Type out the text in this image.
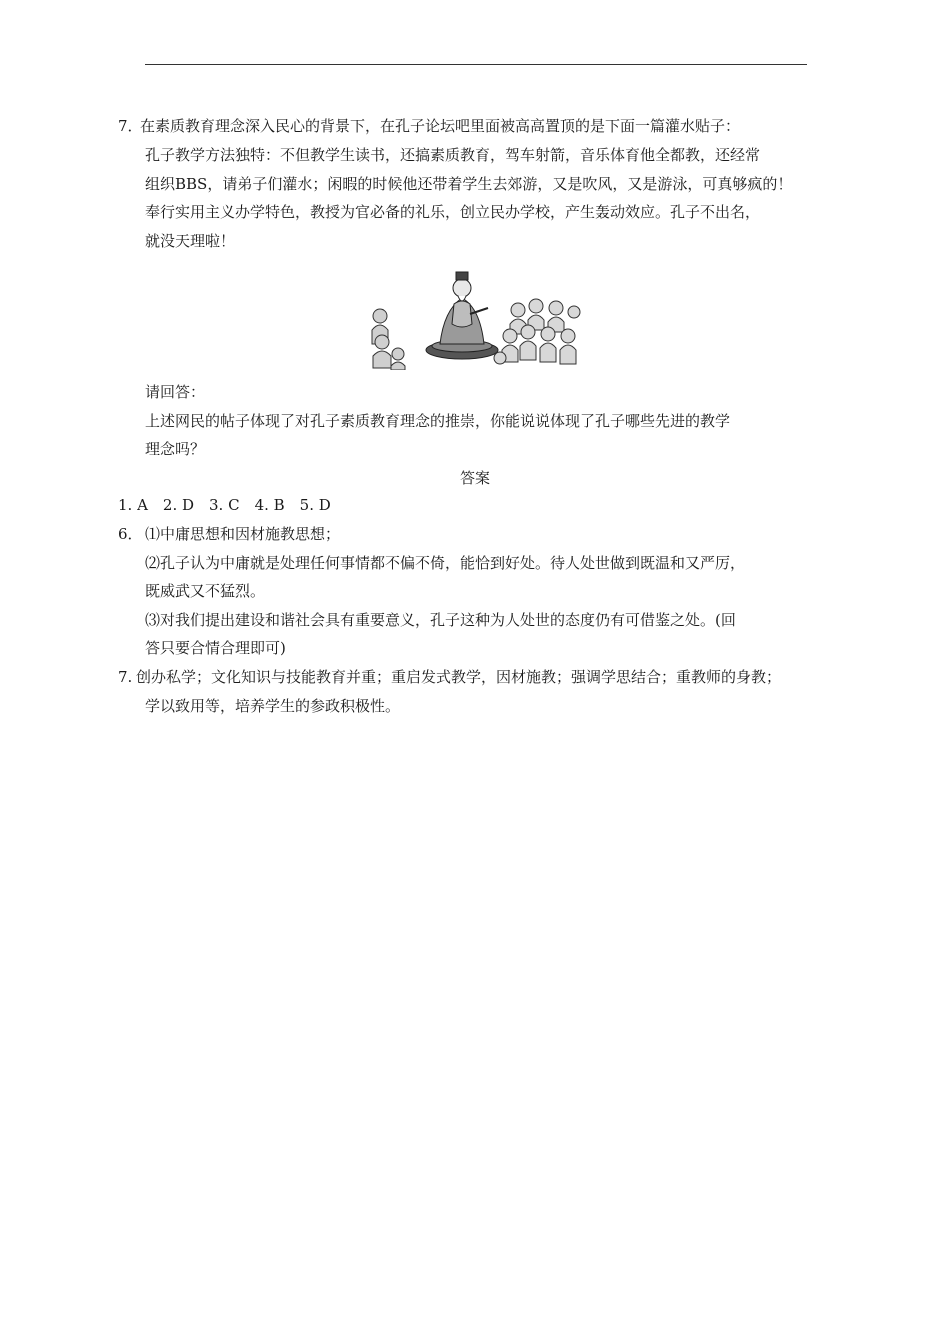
7．
在素质教育理念深入民心的背景下，在孔子论坛吧里面被高高置顶的是下面一篇灌水贴子：
孔子教学方法独特：不但教学生读书，还搞素质教育，驾车射箭，音乐体育他全都教，还经常
组织BBS，请弟子们灌水；闲暇的时候他还带着学生去郊游，又是吹风，又是游泳，可真够疯的！
奉行实用主义办学特色，教授为官必备的礼乐，创立民办学校，产生轰动效应。孔子不出名，
就没天理啦！
请回答：
上述网民的帖子体现了对孔子素质教育理念的推崇，你能说说体现了孔子哪些先进的教学
理念吗？
答案
1. A　2. D　3. C　4. B　5. D
6． ⑴中庸思想和因材施教思想；
⑵孔子认为中庸就是处理任何事情都不偏不倚，能恰到好处。待人处世做到既温和又严厉，
既威武又不猛烈。
⑶对我们提出建设和谐社会具有重要意义，孔子这种为人处世的态度仍有可借鉴之处。(回
答只要合情合理即可)
7. 创办私学；文化知识与技能教育并重；重启发式教学，因材施教；强调学思结合；重教师的身教；
学以致用等，培养学生的参政积极性。
